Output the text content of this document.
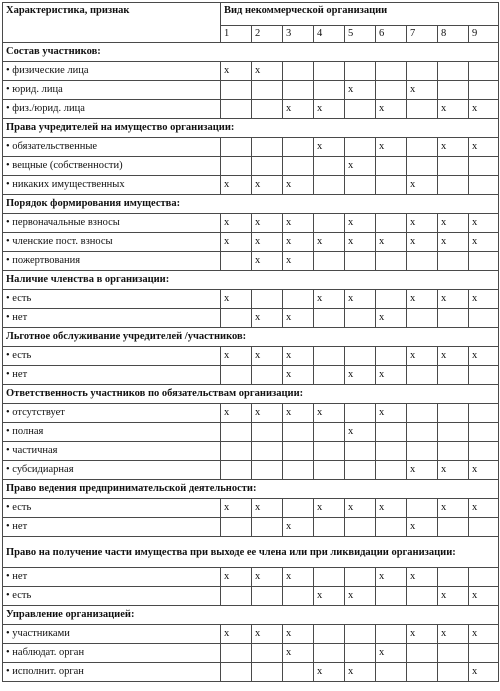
Характеристика, признак	Вид некоммерческой организации								
	1	2	3	4	5	6	7	8	9
Состав участников:									
• физические лица	x	x							
• юрид. лица					x		x		
• физ./юрид. лица			x	x		x		x	x
Права учредителей на имущество организации:									
• обязательственные				x		x		x	x
• вещные (собственности)					x				
• никаких имущественных	x	x	x				x		
Порядок формирования имущества:									
• первоначальные взносы	x	x	x		x		x	x	x
• членские пост. взносы	x	x	x	x	x	x	x	x	x
• пожертвования		x	x						
Наличие членства в организации:									
• есть	x			x	x		x	x	x
• нет		x	x			x			
Льготное обслуживание учредителей /участников:									
• есть	x	x	x				x	x	x
• нет			x		x	x			
Ответственность участников по обязательствам организации:									
• отсутствует	x	x	x	x		x			
• полная					x				
• частичная									
• субсидиарная							x	x	x
Право ведения предпринимательской деятельности:									
• есть	x	x		x	x	x		x	x
• нет			x				x		
Право на получение части имущества при выходе ее члена или при ликвидации организации:									
• нет	x	x	x			x	x		
• есть				x	x			x	x
Управление организацией:									
• участниками	x	x	x				x	x	x
• наблюдат. орган			x			x			
• исполнит. орган				x	x				x
